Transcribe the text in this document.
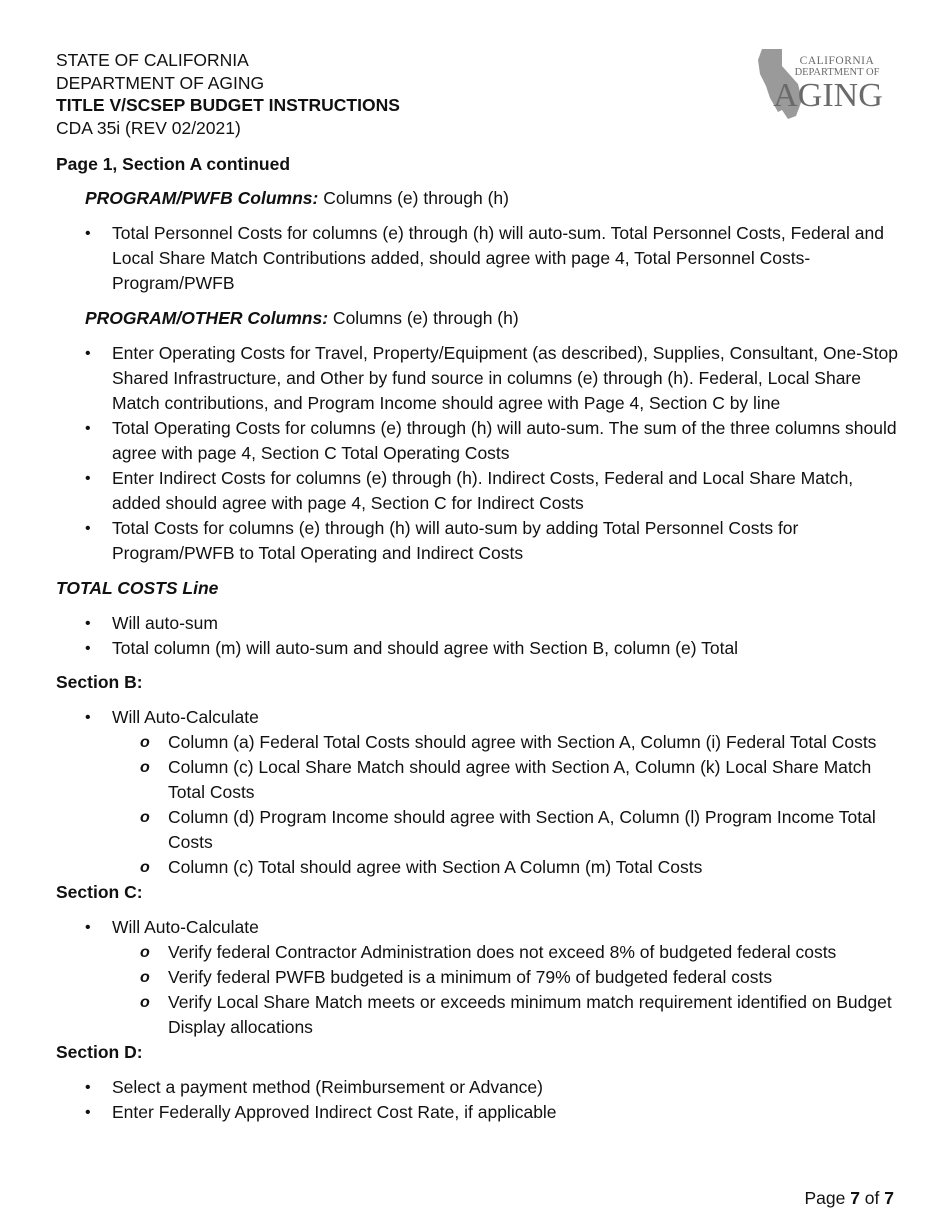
STATE OF CALIFORNIA
DEPARTMENT OF AGING
TITLE V/SCSEP BUDGET INSTRUCTIONS
CDA 35i (REV 02/2021)
CALIFORNIA
DEPARTMENT OF
AGING

Page 1, Section A continued

PROGRAM/PWFB Columns: Columns (e) through (h)

• Total Personnel Costs for columns (e) through (h) will auto-sum. Total Personnel Costs, Federal and Local Share Match Contributions added, should agree with page 4, Total Personnel Costs-Program/PWFB

PROGRAM/OTHER Columns: Columns (e) through (h)

• Enter Operating Costs for Travel, Property/Equipment (as described), Supplies, Consultant, One-Stop Shared Infrastructure, and Other by fund source in columns (e) through (h). Federal, Local Share Match contributions, and Program Income should agree with Page 4, Section C by line
• Total Operating Costs for columns (e) through (h) will auto-sum. The sum of the three columns should agree with page 4, Section C Total Operating Costs
• Enter Indirect Costs for columns (e) through (h). Indirect Costs, Federal and Local Share Match, added should agree with page 4, Section C for Indirect Costs
• Total Costs for columns (e) through (h) will auto-sum by adding Total Personnel Costs for Program/PWFB to Total Operating and Indirect Costs

TOTAL COSTS Line

• Will auto-sum
• Total column (m) will auto-sum and should agree with Section B, column (e) Total

Section B:

• Will Auto-Calculate
o Column (a) Federal Total Costs should agree with Section A, Column (i) Federal Total Costs
o Column (c) Local Share Match should agree with Section A, Column (k) Local Share Match Total Costs
o Column (d) Program Income should agree with Section A, Column (l) Program Income Total Costs
o Column (c) Total should agree with Section A Column (m) Total Costs

Section C:

• Will Auto-Calculate
o Verify federal Contractor Administration does not exceed 8% of budgeted federal costs
o Verify federal PWFB budgeted is a minimum of 79% of budgeted federal costs
o Verify Local Share Match meets or exceeds minimum match requirement identified on Budget Display allocations

Section D:

• Select a payment method (Reimbursement or Advance)
• Enter Federally Approved Indirect Cost Rate, if applicable
Page 7 of 7
